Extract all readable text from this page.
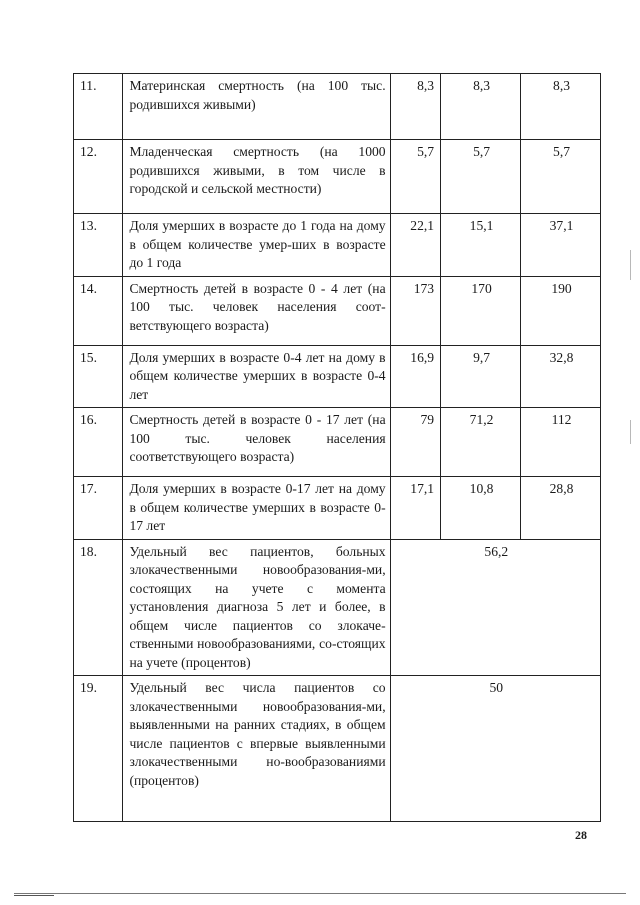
11.	Материнская смертность (на 100 тыс. родившихся живыми)	8,3	8,3	8,3
12.	Младенческая смертность (на 1000 родившихся живыми, в том числе в городской и сельской местности)	5,7	5,7	5,7
13.	Доля умерших в возрасте до 1 года на дому в общем количестве умер-ших в возрасте до 1 года	22,1	15,1	37,1
14.	Смертность детей в возрасте 0 - 4 лет (на 100 тыс. человек населения соот-ветствующего возраста)	173	170	190
15.	Доля умерших в возрасте 0-4 лет на дому в общем количестве умерших в возрасте 0-4 лет	16,9	9,7	32,8
16.	Смертность детей в возрасте 0 - 17 лет (на 100 тыс. человек населения соответствующего возраста)	79	71,2	112
17.	Доля умерших в возрасте 0-17 лет на дому в общем количестве умерших в возрасте 0-17 лет	17,1	10,8	28,8
18.	Удельный вес пациентов, больных злокачественными новообразования-ми, состоящих на учете с момента установления диагноза 5 лет и более, в общем числе пациентов со злокаче-ственными новообразованиями, со-стоящих на учете (процентов)	56,2		
19.	Удельный вес числа пациентов со злокачественными новообразования-ми, выявленными на ранних стадиях, в общем числе пациентов с впервые выявленными злокачественными но-вообразованиями (процентов)	50		
28
